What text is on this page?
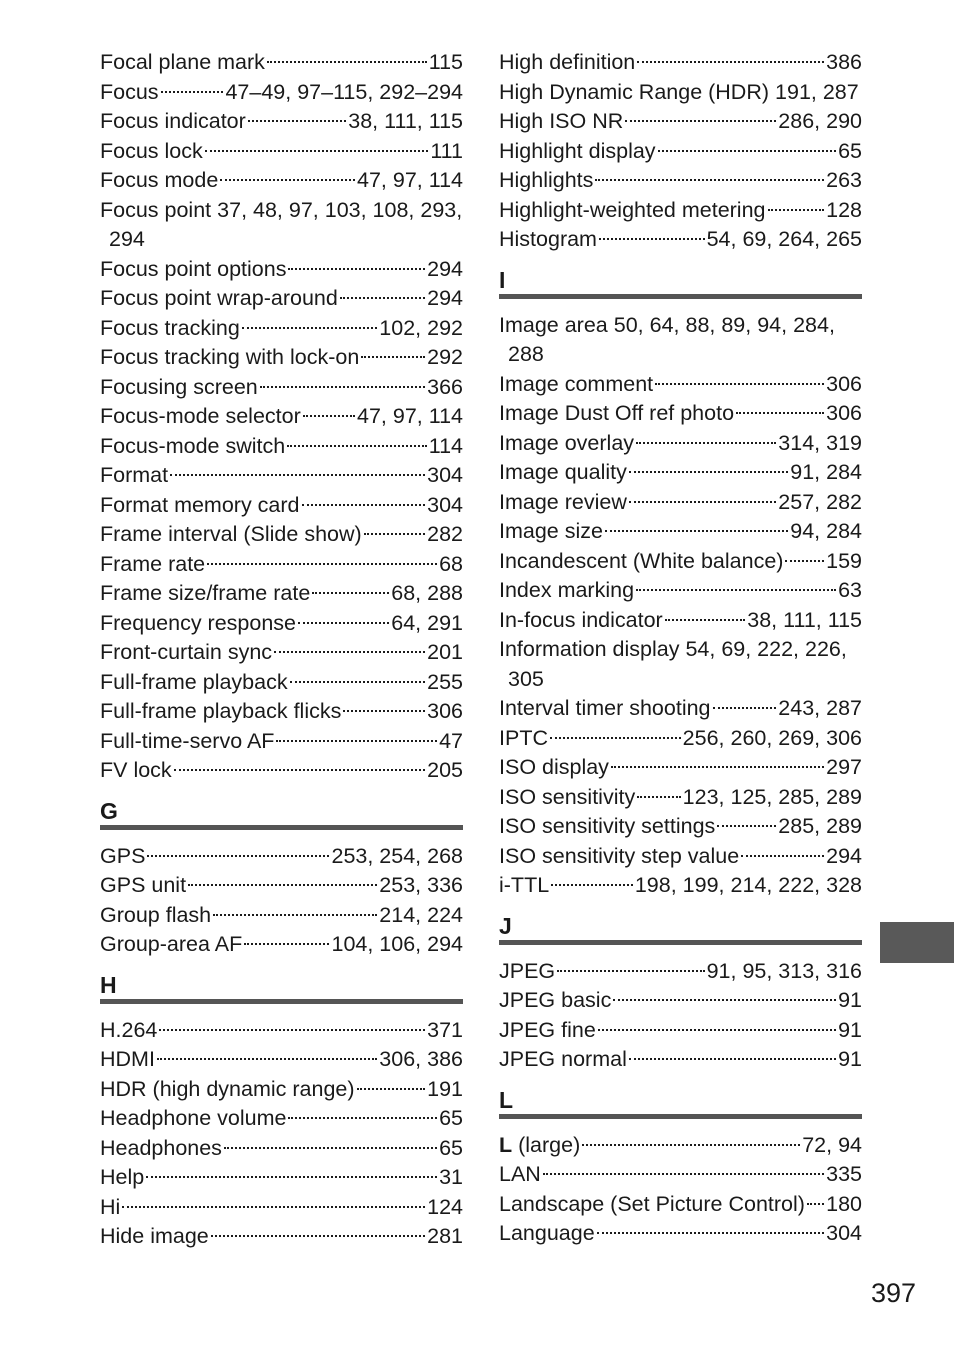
Focal plane mark	115
Focus	47–49, 97–115, 292–294
Focus indicator	38, 111, 115
Focus lock	111
Focus mode	47, 97, 114
Focus point 37, 48, 97, 103, 108, 293,
294
Focus point options	294
Focus point wrap-around	294
Focus tracking	102, 292
Focus tracking with lock-on	292
Focusing screen	366
Focus-mode selector	47, 97, 114
Focus-mode switch	114
Format	304
Format memory card	304
Frame interval (Slide show)	282
Frame rate	68
Frame size/frame rate	68, 288
Frequency response	64, 291
Front-curtain sync	201
Full-frame playback	255
Full-frame playback flicks	306
Full-time-servo AF	47
FV lock	205
G
GPS	253, 254, 268
GPS unit	253, 336
Group flash	214, 224
Group-area AF	104, 106, 294
H
H.264	371
HDMI	306, 386
HDR (high dynamic range)	191
Headphone volume	65
Headphones	65
Help	31
Hi	124
Hide image	281
High definition	386
High Dynamic Range (HDR) 191, 287
High ISO NR	286, 290
Highlight display	65
Highlights	263
Highlight-weighted metering	128
Histogram	54, 69, 264, 265
I
Image area 50, 64, 88, 89, 94, 284,
288
Image comment	306
Image Dust Off ref photo	306
Image overlay	314, 319
Image quality	91, 284
Image review	257, 282
Image size	94, 284
Incandescent (White balance) 159
Index marking	63
In-focus indicator	38, 111, 115
Information display 54, 69, 222, 226,
305
Interval timer shooting	243, 287
IPTC	256, 260, 269, 306
ISO display	297
ISO sensitivity 123, 125, 285, 289
ISO sensitivity settings	285, 289
ISO sensitivity step value	294
i-TTL	198, 199, 214, 222, 328
J
JPEG	91, 95, 313, 316
JPEG basic	91
JPEG fine	91
JPEG normal	91
L
L (large)	72, 94
LAN	335
Landscape (Set Picture Control) 180
Language	304
397
